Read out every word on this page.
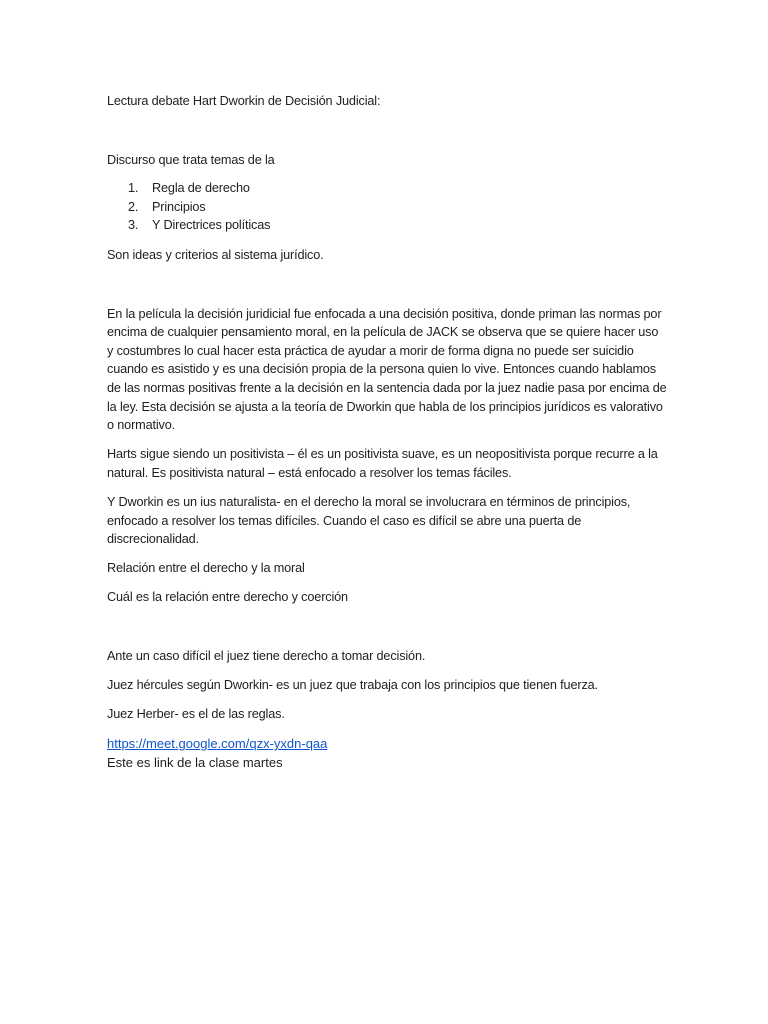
Lectura debate Hart Dworkin de Decisión Judicial:

Discurso que trata temas de la

1. Regla de derecho
2. Principios
3. Y Directrices políticas

Son ideas y criterios al sistema jurídico.

En la película la decisión juridicial fue enfocada a una decisión positiva, donde priman las normas por encima de cualquier pensamiento moral, en la película de JACK se observa que se quiere hacer uso y costumbres lo cual hacer esta práctica de ayudar a morir de forma digna no puede ser suicidio cuando es asistido y es una decisión propia de la persona quien lo vive. Entonces cuando hablamos de las normas positivas frente a la decisión en la sentencia dada por la juez nadie pasa por encima de la ley. Esta decisión se ajusta a la teoría de Dworkin que habla de los principios jurídicos es valorativo o normativo.

Harts sigue siendo un positivista – él es un positivista suave, es un neopositivista porque recurre a la natural. Es positivista natural – está enfocado a resolver los temas fáciles.

Y Dworkin es un ius naturalista- en el derecho la moral se involucrara en términos de principios, enfocado a resolver los temas difíciles. Cuando el caso es difícil se abre una puerta de discrecionalidad.

Relación entre el derecho y la moral

Cuál es la relación entre derecho y coerción

Ante un caso difícil el juez tiene derecho a tomar decisión.

Juez hércules según Dworkin- es un juez que trabaja con los principios que tienen fuerza.

Juez Herber- es el de las reglas.

https://meet.google.com/qzx-yxdn-qaa
Este es link de la clase martes
